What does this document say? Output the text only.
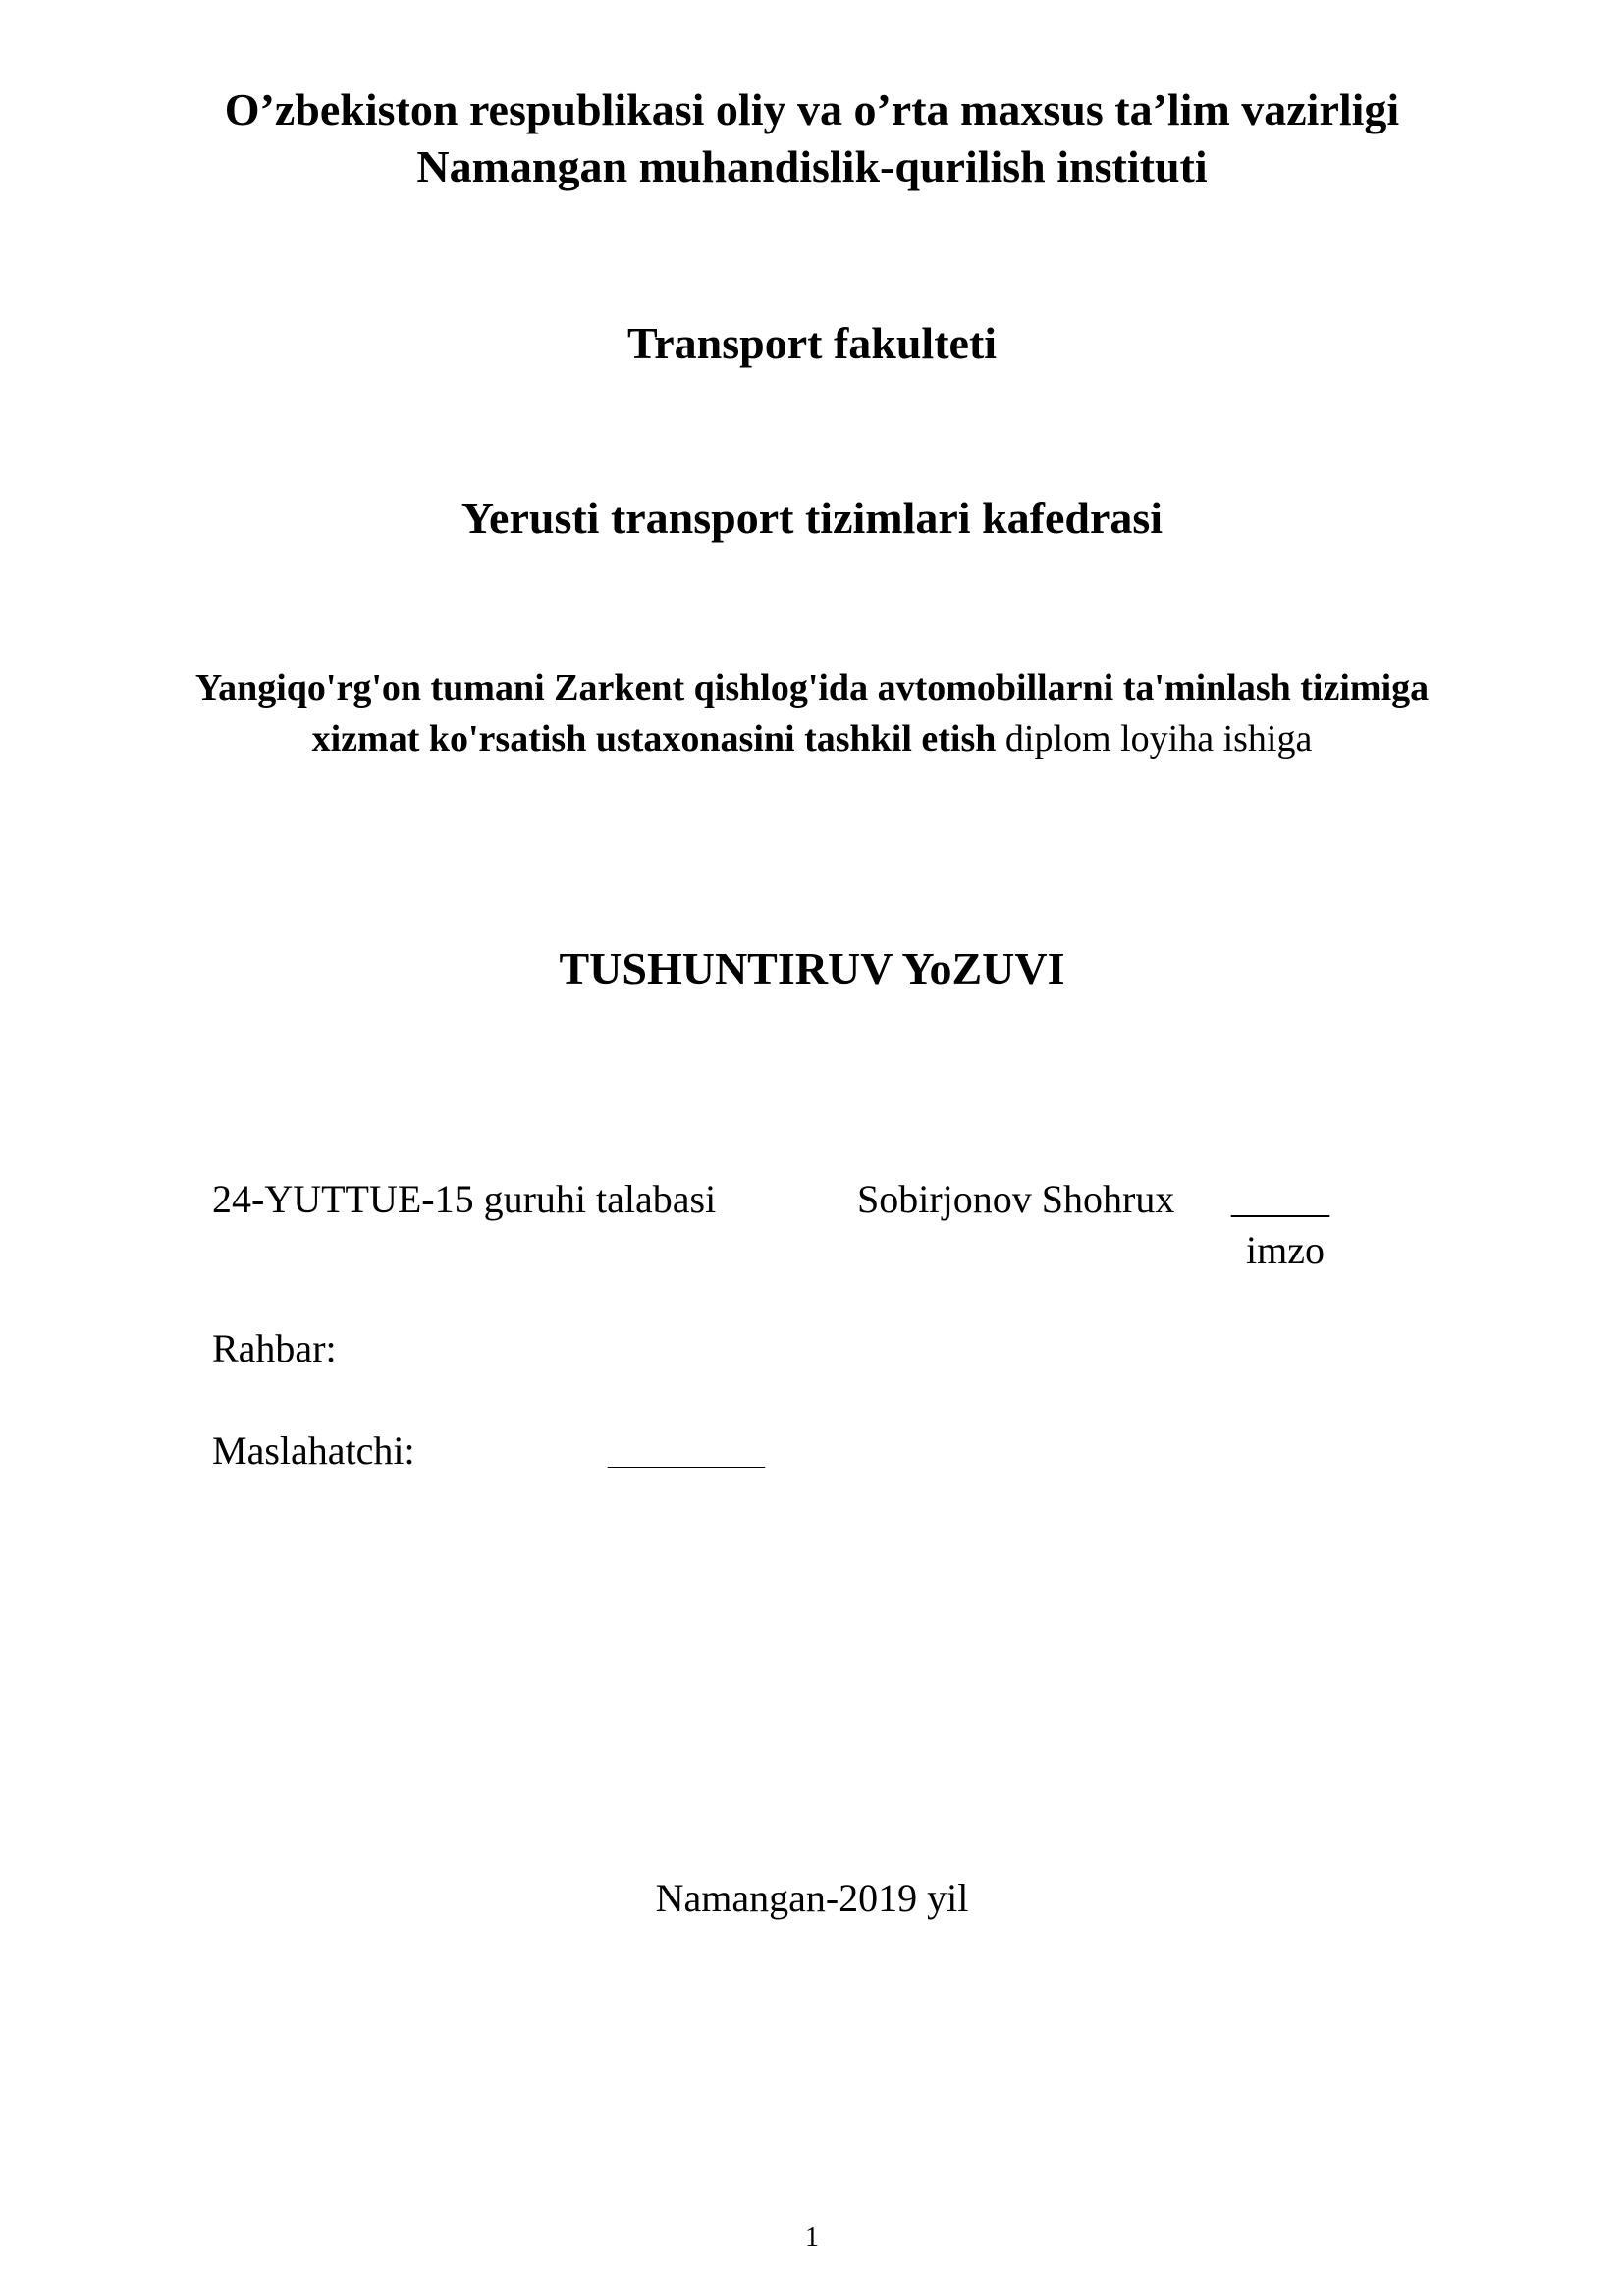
O’zbekiston respublikasi oliy va o’rta maxsus ta’lim vazirligi
Namangan muhandislik-qurilish instituti
Transport fakulteti
Yerusti transport tizimlari kafedrasi
Yangiqo'rg'on tumani Zarkent qishlog'ida avtomobillarni ta'minlash tizimiga
xizmat ko'rsatish ustaxonasini tashkil etish diplom loyiha ishiga
TUSHUNTIRUV YoZUVI
24-YUTTUE-15 guruhi talabasi	Sobirjonov Shohrux _____
imzo
Rahbar:
Maslahatchi:	________
Namangan-2019 yil
1
